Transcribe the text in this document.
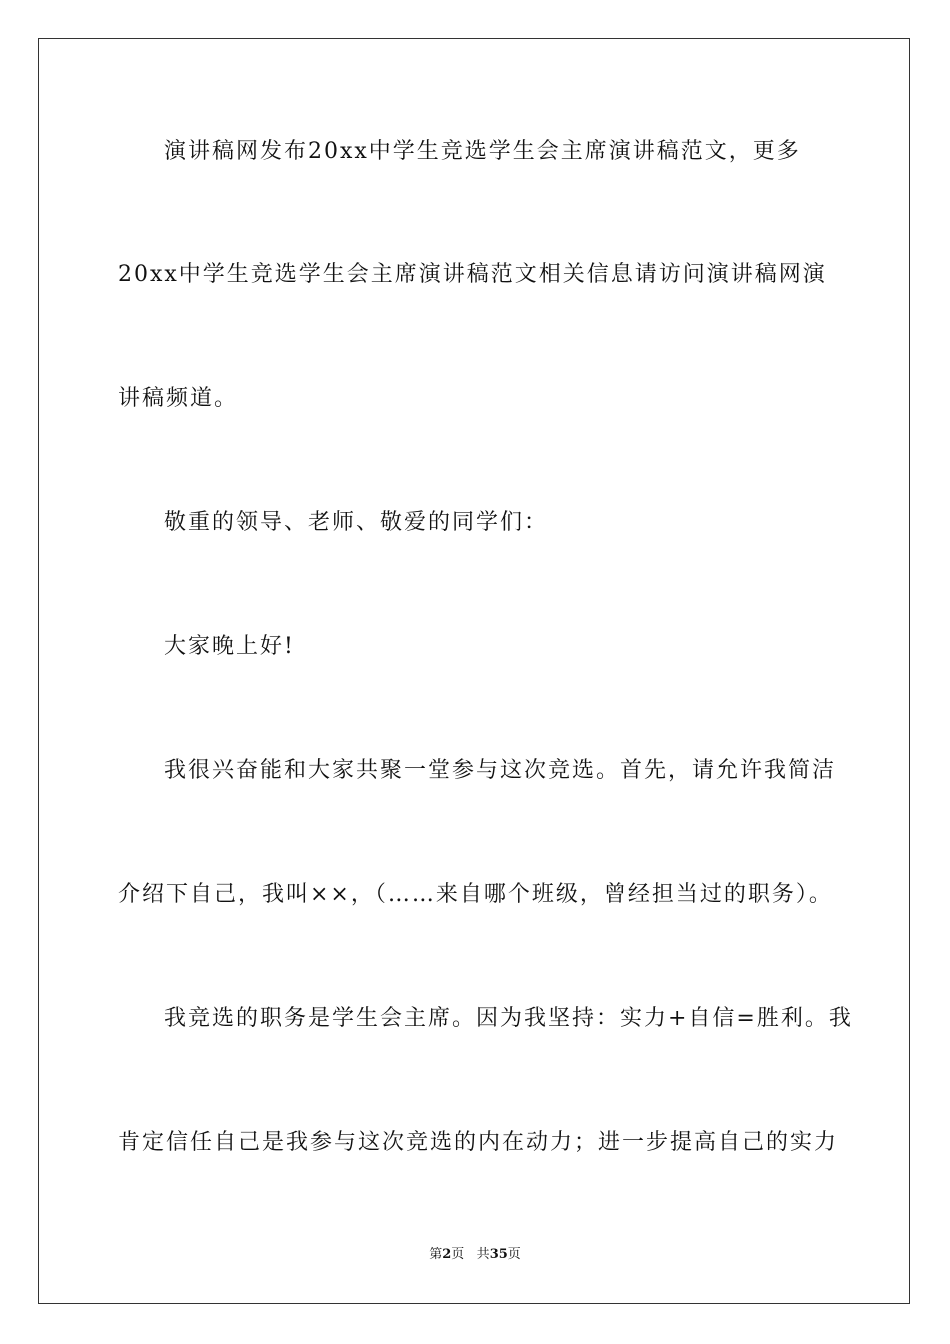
演讲稿网发布20xx中学生竞选学生会主席演讲稿范文，更多
20xx中学生竞选学生会主席演讲稿范文相关信息请访问演讲稿网演
讲稿频道。
敬重的领导、老师、敬爱的同学们：
大家晚上好!
我很兴奋能和大家共聚一堂参与这次竞选。首先，请允许我简洁
介绍下自己，我叫××，（……来自哪个班级，曾经担当过的职务）。
我竞选的职务是学生会主席。因为我坚持：实力+自信=胜利。我
肯定信任自己是我参与这次竞选的内在动力；进一步提高自己的实力
第2页 共35页
